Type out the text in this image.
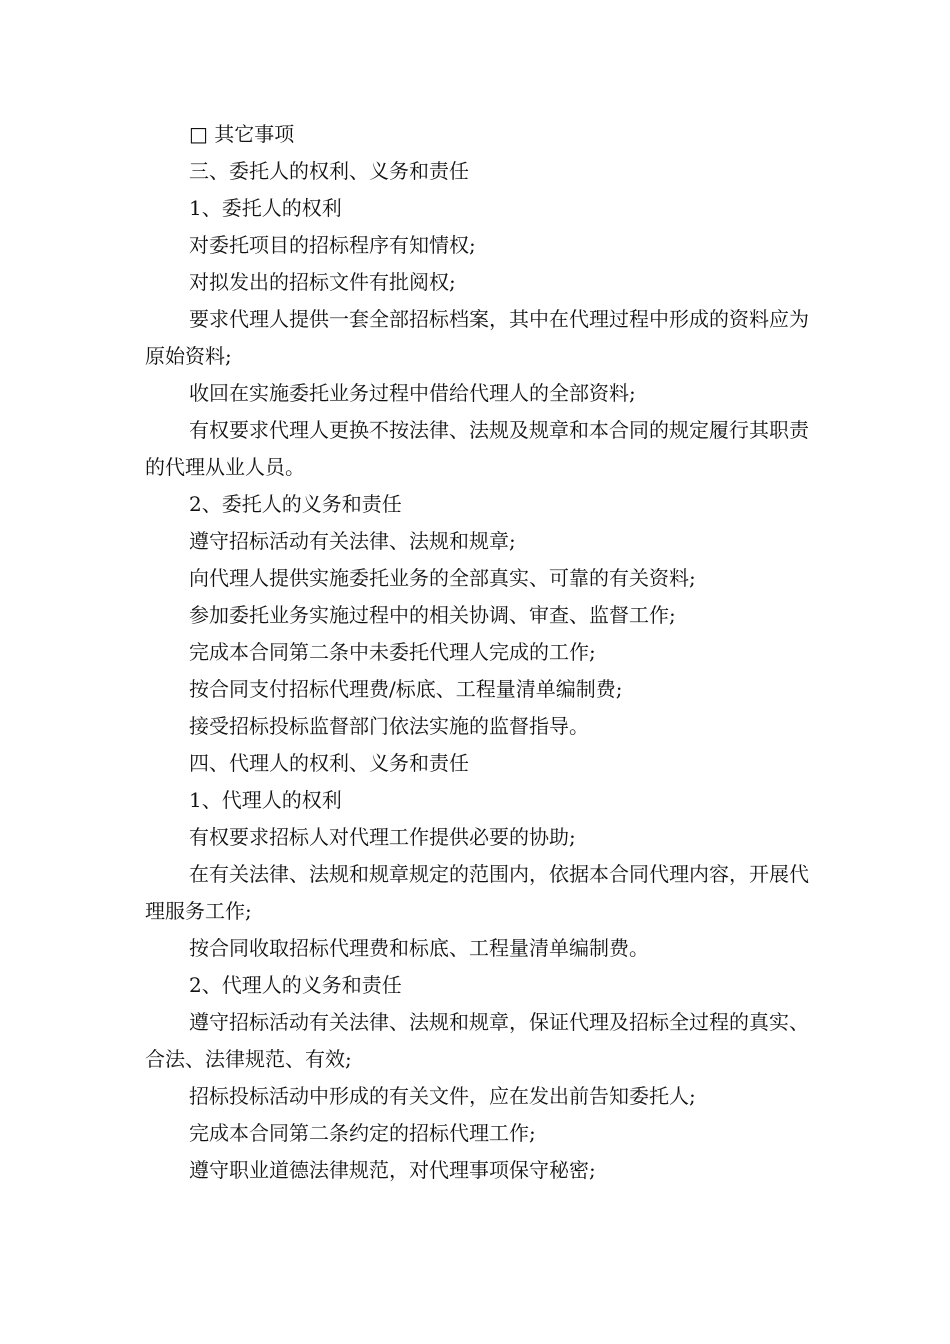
□ 其它事项

三、委托人的权利、义务和责任

1、委托人的权利

对委托项目的招标程序有知情权;

对拟发出的招标文件有批阅权;

要求代理人提供一套全部招标档案，其中在代理过程中形成的资料应为原始资料;

收回在实施委托业务过程中借给代理人的全部资料;

有权要求代理人更换不按法律、法规及规章和本合同的规定履行其职责的代理从业人员。

2、委托人的义务和责任

遵守招标活动有关法律、法规和规章;

向代理人提供实施委托业务的全部真实、可靠的有关资料;

参加委托业务实施过程中的相关协调、审查、监督工作;

完成本合同第二条中未委托代理人完成的工作;

按合同支付招标代理费/标底、工程量清单编制费;

接受招标投标监督部门依法实施的监督指导。

四、代理人的权利、义务和责任

1、代理人的权利

有权要求招标人对代理工作提供必要的协助;

在有关法律、法规和规章规定的范围内，依据本合同代理内容，开展代理服务工作;

按合同收取招标代理费和标底、工程量清单编制费。

2、代理人的义务和责任

遵守招标活动有关法律、法规和规章，保证代理及招标全过程的真实、合法、法律规范、有效;

招标投标活动中形成的有关文件，应在发出前告知委托人;

完成本合同第二条约定的招标代理工作;

遵守职业道德法律规范，对代理事项保守秘密;
